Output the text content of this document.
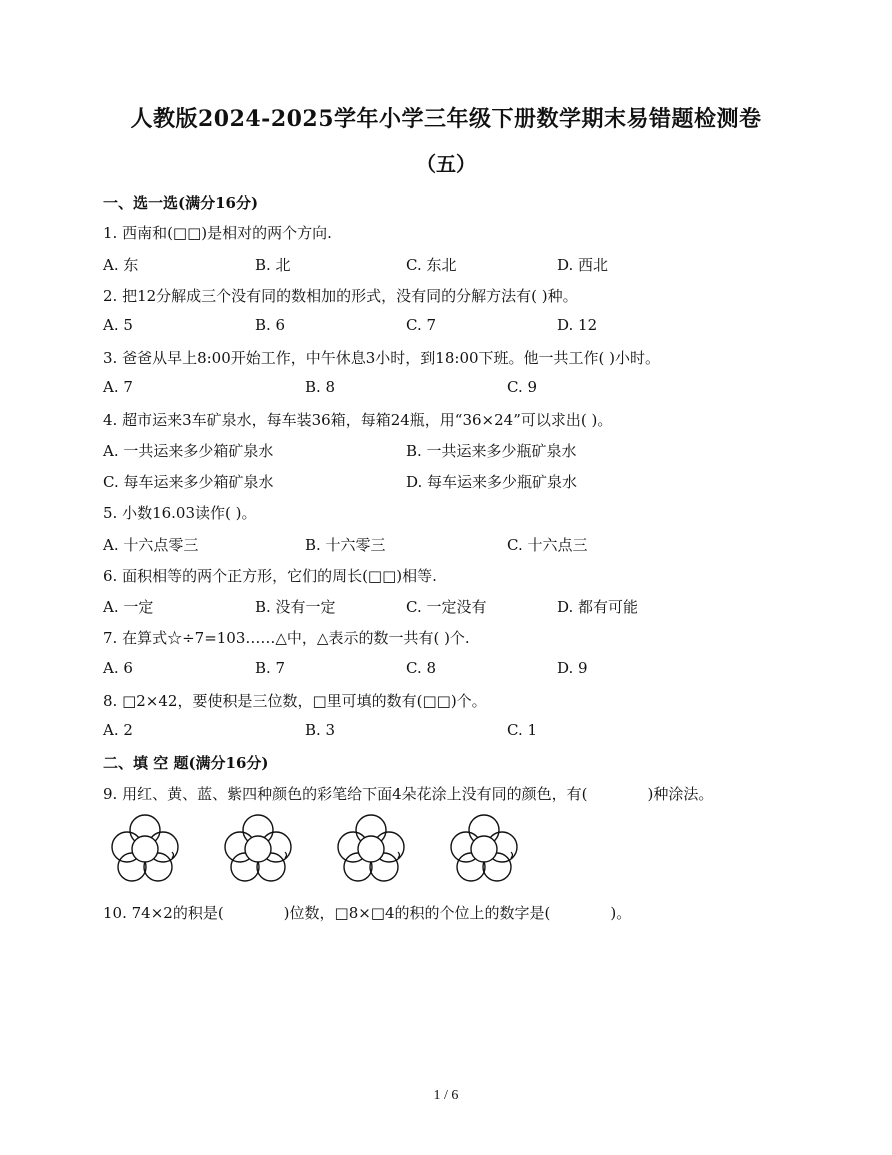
人教版2024-2025学年小学三年级下册数学期末易错题检测卷
（五）
一、选一选(满分16分)
1. 西南和(□□)是相对的两个方向.
A. 东	B. 北	C. 东北	D. 西北
2. 把12分解成三个没有同的数相加的形式，没有同的分解方法有( )种。
A. 5	B. 6	C. 7	D. 12
3. 爸爸从早上8:00开始工作，中午休息3小时，到18:00下班。他一共工作( )小时。
A. 7	B. 8	C. 9
4. 超市运来3车矿泉水，每车装36箱，每箱24瓶，用“36×24”可以求出( )。
A. 一共运来多少箱矿泉水	B. 一共运来多少瓶矿泉水
C. 每车运来多少箱矿泉水	D. 每车运来多少瓶矿泉水
5. 小数16.03读作( )。
A. 十六点零三	B. 十六零三	C. 十六点三
6. 面积相等的两个正方形，它们的周长(□□)相等.
A. 一定	B. 没有一定	C. 一定没有	D. 都有可能
7. 在算式☆÷7=103……△中，△表示的数一共有( )个.
A. 6	B. 7	C. 8	D. 9
8. □2×42，要使积是三位数，□里可填的数有(□□)个。
A. 2	B. 3	C. 1
二、填 空 题(满分16分)
9. 用红、黄、蓝、紫四种颜色的彩笔给下面4朵花涂上没有同的颜色，有(　　　　)种涂法。
10. 74×2的积是(　　　　)位数，□8×□4的积的个位上的数字是(　　　　)。
1 / 6
